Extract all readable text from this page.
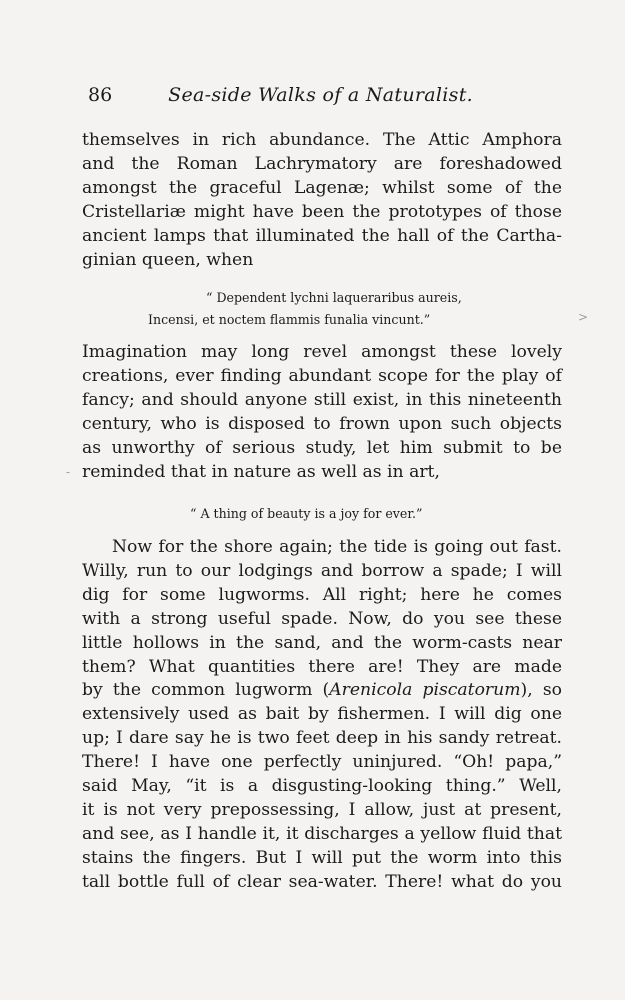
86	Sea-side Walks of a Naturalist.
themselves in rich abundance. The Attic Amphora
and the Roman Lachrymatory are foreshadowed
amongst the graceful Lagenæ; whilst some of the
Cristellariæ might have been the prototypes of those
ancient lamps that illuminated the hall of the Cartha-
ginian queen, when
“ Dependent lychni laqueraribus aureis,
Incensi, et noctem flammis funalia vincunt.”	>
Imagination may long revel amongst these lovely
creations, ever finding abundant scope for the play of
fancy; and should anyone still exist, in this nineteenth
century, who is disposed to frown upon such objects
as unworthy of serious study, let him submit to be
reminded that in nature as well as in art,
-
“ A thing of beauty is a joy for ever.”
Now for the shore again; the tide is going out fast.
Willy, run to our lodgings and borrow a spade; I will
dig for some lugworms. All right; here he comes
with a strong useful spade. Now, do you see these
little hollows in the sand, and the worm-casts near
them? What quantities there are! They are made
by the common lugworm (Arenicola piscatorum), so
extensively used as bait by fishermen. I will dig one
up; I dare say he is two feet deep in his sandy retreat.
There! I have one perfectly uninjured. “Oh! papa,”
said May, “it is a disgusting-looking thing.” Well,
it is not very prepossessing, I allow, just at present,
and see, as I handle it, it discharges a yellow fluid that
stains the fingers. But I will put the worm into this
tall bottle full of clear sea-water. There! what do you
